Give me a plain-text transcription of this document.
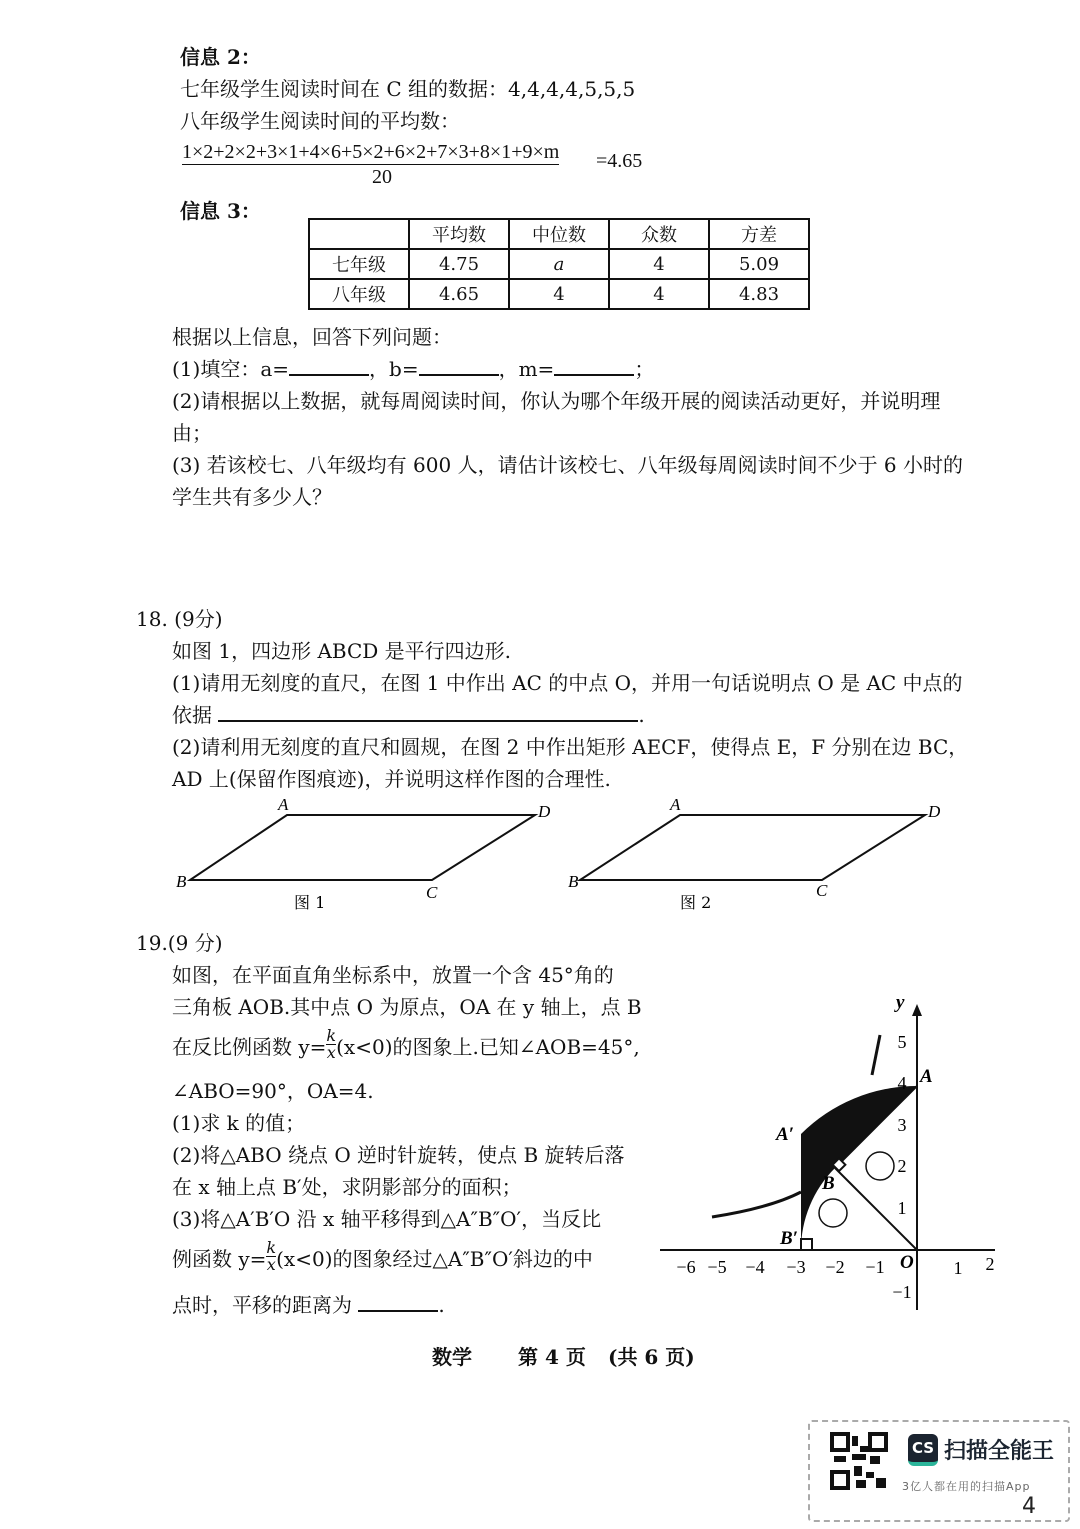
信息 2：
七年级学生阅读时间在 C 组的数据：4,4,4,4,5,5,5
八年级学生阅读时间的平均数：
1×2+2×2+3×1+4×6+5×2+6×2+7×3+8×1+9×m
20
=4.65
信息 3：
	平均数	中位数	众数	方差
七年级	4.75	a	4	5.09
八年级	4.65	4	4	4.83
根据以上信息，回答下列问题：
(1)填空：a=	，b=	，m=	；
(2)请根据以上数据，就每周阅读时间，你认为哪个年级开展的阅读活动更好，并说明理
由；
(3) 若该校七、八年级均有 600 人，请估计该校七、八年级每周阅读时间不少于 6 小时的
学生共有多少人？
18. (9分)
如图 1，四边形 ABCD 是平行四边形.
(1)请用无刻度的直尺，在图 1 中作出 AC 的中点 O，并用一句话说明点 O 是 AC 中点的
依据	.
(2)请利用无刻度的直尺和圆规，在图 2 中作出矩形 AECF，使得点 E，F 分别在边 BC，
AD 上(保留作图痕迹)，并说明这样作图的合理性.
A	D
C
B
A	D
C
B
图 1	图 2
19.(9 分)
如图，在平面直角坐标系中，放置一个含 45°角的
三角板 AOB.其中点 O 为原点，OA 在 y 轴上，点 B
在反比例函数 $y= \frac{k}{x} (x<0)$的图象上.已知∠AOB=45°,
∠ABO=90°，OA=4.
(1)求 k 的值；
(2)将△ABO 绕点 O 逆时针旋转，使点 B 旋转后落
在 x 轴上点 B′处，求阴影部分的面积；
(3)将△A′B′O 沿 x 轴平移得到△A″B″O′，当反比
例函数 $y= \frac{k}{x} (x<0)$的图象经过△A″B″O′斜边的中
点时，平移的距离为	.
−6 −5 −4 −3 −2 −1	1 2
5
4
3
2
1
−1
y
A
A′
B
B′
O
数学 第 4 页 (共 6 页)
CS 扫描全能王
3亿人都在用的扫描App
4
